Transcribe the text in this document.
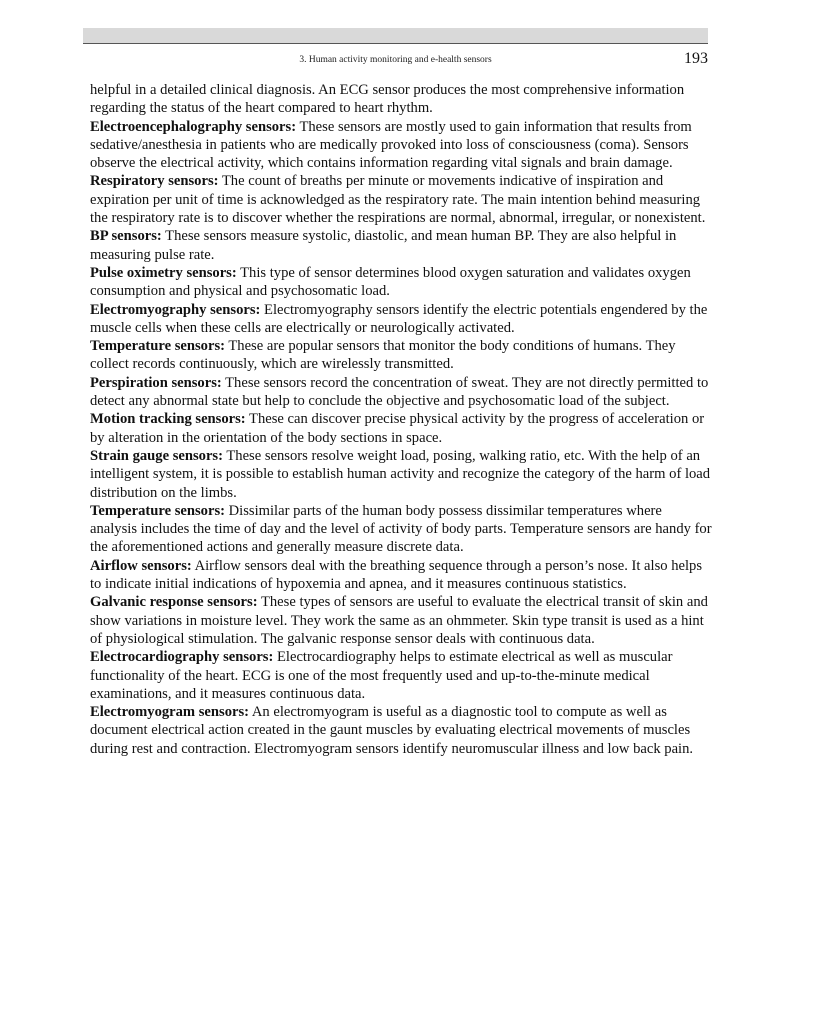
3. Human activity monitoring and e-health sensors	193

helpful in a detailed clinical diagnosis. An ECG sensor produces the most comprehensive information regarding the status of the heart compared to heart rhythm.

Electroencephalography sensors: These sensors are mostly used to gain information that results from sedative/anesthesia in patients who are medically provoked into loss of consciousness (coma). Sensors observe the electrical activity, which contains information regarding vital signals and brain damage.

Respiratory sensors: The count of breaths per minute or movements indicative of inspiration and expiration per unit of time is acknowledged as the respiratory rate. The main intention behind measuring the respiratory rate is to discover whether the respirations are normal, abnormal, irregular, or nonexistent.

BP sensors: These sensors measure systolic, diastolic, and mean human BP. They are also helpful in measuring pulse rate.

Pulse oximetry sensors: This type of sensor determines blood oxygen saturation and validates oxygen consumption and physical and psychosomatic load.

Electromyography sensors: Electromyography sensors identify the electric potentials engendered by the muscle cells when these cells are electrically or neurologically activated.

Temperature sensors: These are popular sensors that monitor the body conditions of humans. They collect records continuously, which are wirelessly transmitted.

Perspiration sensors: These sensors record the concentration of sweat. They are not directly permitted to detect any abnormal state but help to conclude the objective and psychosomatic load of the subject.

Motion tracking sensors: These can discover precise physical activity by the progress of acceleration or by alteration in the orientation of the body sections in space.

Strain gauge sensors: These sensors resolve weight load, posing, walking ratio, etc. With the help of an intelligent system, it is possible to establish human activity and recognize the category of the harm of load distribution on the limbs.

Temperature sensors: Dissimilar parts of the human body possess dissimilar temperatures where analysis includes the time of day and the level of activity of body parts. Temperature sensors are handy for the aforementioned actions and generally measure discrete data.

Airflow sensors: Airflow sensors deal with the breathing sequence through a person’s nose. It also helps to indicate initial indications of hypoxemia and apnea, and it measures continuous statistics.

Galvanic response sensors: These types of sensors are useful to evaluate the electrical transit of skin and show variations in moisture level. They work the same as an ohmmeter. Skin type transit is used as a hint of physiological stimulation. The galvanic response sensor deals with continuous data.

Electrocardiography sensors: Electrocardiography helps to estimate electrical as well as muscular functionality of the heart. ECG is one of the most frequently used and up-to-the-minute medical examinations, and it measures continuous data.

Electromyogram sensors: An electromyogram is useful as a diagnostic tool to compute as well as document electrical action created in the gaunt muscles by evaluating electrical movements of muscles during rest and contraction. Electromyogram sensors identify neuromuscular illness and low back pain.
